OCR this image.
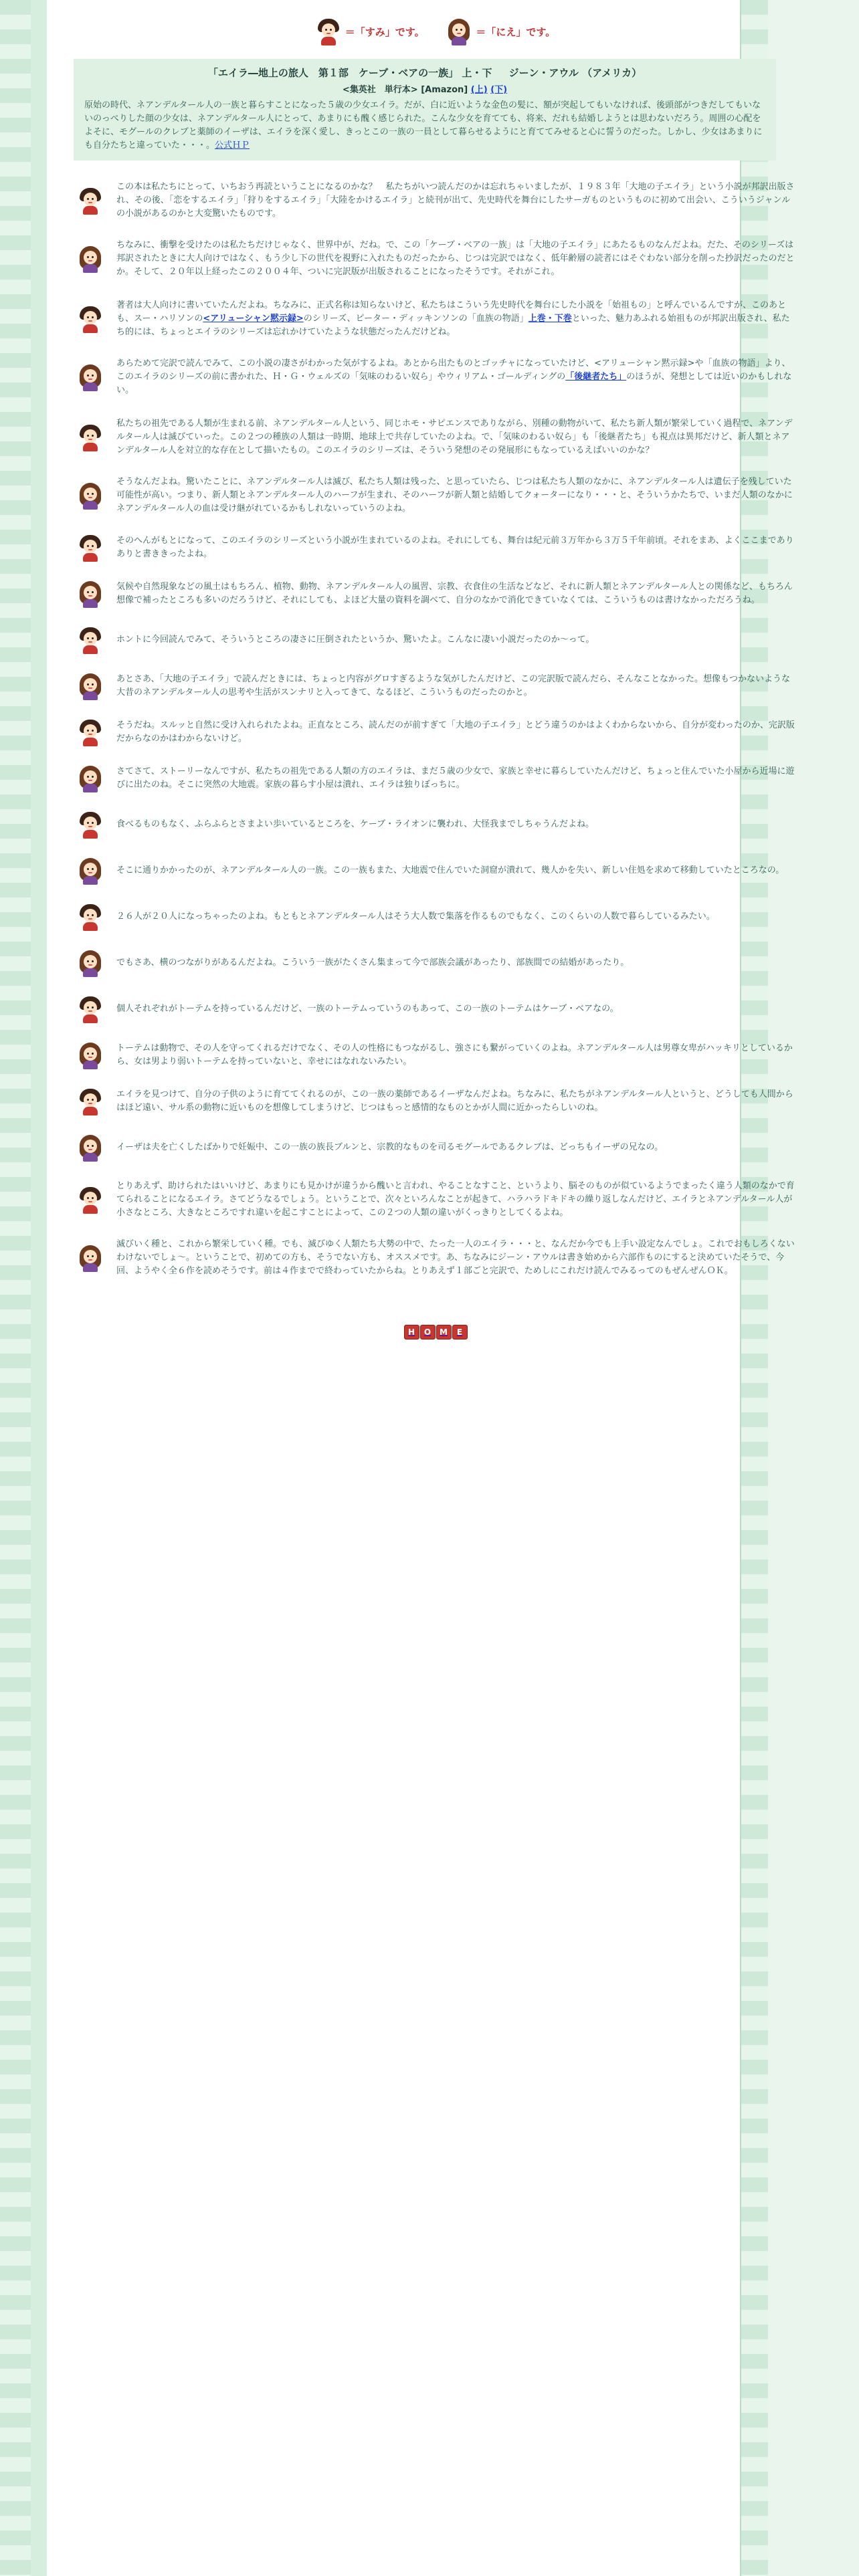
＝「すみ」です。
	＝「にえ」です。
「エイラ―地上の旅人　第１部　ケーブ・ベアの一族」 上・下 ジーン・アウル （アメリカ）
<集英社　単行本> [Amazon] (上) (下)
原始の時代、ネアンデルタール人の一族と暮らすことになった５歳の少女エイラ。だが、白に近いような金色の髪に、額が突起してもいなければ、後頭部がつきだしてもいないのっぺりした顔の少女は、ネアンデルタール人にとって、あまりにも醜く感じられた。こんな少女を育てても、将来、だれも結婚しようとは思わないだろう。周囲の心配をよそに、モグールのクレブと薬師のイーザは、エイラを深く愛し、きっとこの一族の一員として暮らせるようにと育ててみせると心に誓うのだった。しかし、少女はあまりにも自分たちと違っていた・・・。公式ＨＰ
この本は私たちにとって、いちおう再読ということになるのかな？　私たちがいつ読んだのかは忘れちゃいましたが、１９８３年「大地の子エイラ」という小説が邦訳出版され、その後、「恋をするエイラ」「狩りをするエイラ」「大陸をかけるエイラ」と続刊が出て、先史時代を舞台にしたサーガものというものに初めて出会い、こういうジャンルの小説があるのかと大変驚いたものです。
ちなみに、衝撃を受けたのは私たちだけじゃなく、世界中が、だね。で、この「ケーブ・ベアの一族」は「大地の子エイラ」にあたるものなんだよね。だた、そのシリーズは邦訳されたときに大人向けではなく、もう少し下の世代を視野に入れたものだったから、じつは完訳ではなく、低年齢層の読者にはそぐわない部分を削った抄訳だったのだとか。そして、２０年以上経ったこの２００４年、ついに完訳版が出版されることになったそうです。それがこれ。
著者は大人向けに書いていたんだよね。ちなみに、正式名称は知らないけど、私たちはこういう先史時代を舞台にした小説を「始祖もの」と呼んでいるんですが、このあとも、スー・ハリソンの<アリューシャン黙示録>のシリーズ、ピーター・ディッキンソンの「血族の物語」上巻・下巻といった、魅力あふれる始祖ものが邦訳出版され、私たち的には、ちょっとエイラのシリーズは忘れかけていたような状態だったんだけどね。
あらためて完訳で読んでみて、この小説の凄さがわかった気がするよね。あとから出たものとゴッチャになっていたけど、<アリューシャン黙示録>や「血族の物語」より、このエイラのシリーズの前に書かれた、Ｈ・Ｇ・ウェルズの「気味のわるい奴ら」やウィリアム・ゴールディングの「後継者たち」のほうが、発想としては近いのかもしれない。
私たちの祖先である人類が生まれる前、ネアンデルタール人という、同じホモ・サピエンスでありながら、別種の動物がいて、私たち新人類が繁栄していく過程で、ネアンデルタール人は滅びていった。この２つの種族の人類は一時期、地球上で共存していたのよね。で、「気味のわるい奴ら」も「後継者たち」も視点は異邦だけど、新人類とネアンデルタール人を対立的な存在として描いたもの。このエイラのシリーズは、そういう発想のその発展形にもなっているえばいいのかな？
そうなんだよね。驚いたことに、ネアンデルタール人は滅び、私たち人類は残った、と思っていたら、じつは私たち人類のなかに、ネアンデルタール人は遺伝子を残していた可能性が高い。つまり、新人類とネアンデルタール人のハーフが生まれ、そのハーフが新人類と結婚してクォーターになり・・・と、そういうかたちで、いまだ人類のなかにネアンデルタール人の血は受け継がれているかもしれないっていうのよね。
そのへんがもとになって、このエイラのシリーズという小説が生まれているのよね。それにしても、舞台は紀元前３万年から３万５千年前頃。それをまあ、よくここまでありありと書ききったよね。
気候や自然現象などの風土はもちろん、植物、動物、ネアンデルタール人の風習、宗教、衣食住の生活などなど、それに新人類とネアンデルタール人との関係など、もちろん想像で補ったところも多いのだろうけど、それにしても、よほど大量の資料を調べて、自分のなかで消化できていなくては、こういうものは書けなかっただろうね。
ホントに今回読んでみて、そういうところの凄さに圧倒されたというか、驚いたよ。こんなに凄い小説だったのか～って。
あとさあ、「大地の子エイラ」で読んだときには、ちょっと内容がグロすぎるような気がしたんだけど、この完訳版で読んだら、そんなことなかった。想像もつかないような大昔のネアンデルタール人の思考や生活がスンナリと入ってきて、なるほど、こういうものだったのかと。
そうだね。スルッと自然に受け入れられたよね。正直なところ、読んだのが前すぎて「大地の子エイラ」とどう違うのかはよくわからないから、自分が変わったのか、完訳版だからなのかはわからないけど。
さてさて、ストーリーなんですが、私たちの祖先である人類の方のエイラは、まだ５歳の少女で、家族と幸せに暮らしていたんだけど、ちょっと住んでいた小屋から近場に遊びに出たのね。そこに突然の大地震。家族の暮らす小屋は潰れ、エイラは独りぼっちに。
食べるものもなく、ふらふらとさまよい歩いているところを、ケーブ・ライオンに襲われ、大怪我までしちゃうんだよね。
そこに通りかかったのが、ネアンデルタール人の一族。この一族もまた、大地震で住んでいた洞窟が潰れて、幾人かを失い、新しい住処を求めて移動していたところなの。
２６人が２０人になっちゃったのよね。もともとネアンデルタール人はそう大人数で集落を作るものでもなく、このくらいの人数で暮らしているみたい。
でもさあ、横のつながりがあるんだよね。こういう一族がたくさん集まって今で部族会議があったり、部族間での結婚があったり。
個人それぞれがトーテムを持っているんだけど、一族のトーテムっていうのもあって、この一族のトーテムはケーブ・ベアなの。
トーテムは動物で、その人を守ってくれるだけでなく、その人の性格にもつながるし、強さにも繋がっていくのよね。ネアンデルタール人は男尊女卑がハッキリとしているから、女は男より弱いトーテムを持っていないと、幸せにはなれないみたい。
エイラを見つけて、自分の子供のように育ててくれるのが、この一族の薬師であるイーザなんだよね。ちなみに、私たちがネアンデルタール人というと、どうしても人間からはほど遠い、サル系の動物に近いものを想像してしまうけど、じつはもっと感情的なものとかが人間に近かったらしいのね。
イーザは夫を亡くしたばかりで妊娠中、この一族の族長ブルンと、宗教的なものを司るモグールであるクレブは、どっちもイーザの兄なの。
とりあえず、助けられたはいいけど、あまりにも見かけが違うから醜いと言われ、やることなすこと、というより、脳そのものが似ているようでまったく違う人類のなかで育てられることになるエイラ。さてどうなるでしょう。ということで、次々といろんなことが起きて、ハラハラドキドキの繰り返しなんだけど、エイラとネアンデルタール人が小さなところ、大きなところですれ違いを起こすことによって、この２つの人類の違いがくっきりとしてくるよね。
滅びいく種と、これから繁栄していく種。でも、滅びゆく人類たち大勢の中で、たった一人のエイラ・・・と、なんだか今でも上手い設定なんでしょ。これでおもしろくないわけないでしょ～。ということで、初めての方も、そうでない方も、オススメです。あ、ちなみにジーン・アウルは書き始めから六部作ものにすると決めていたそうで、今回、ようやく全６作を読めそうです。前は４作までで終わっていたからね。とりあえず１部ごと完訳で、ためしにこれだけ読んでみるってのもぜんぜんＯＫ。
H	O	M	E
